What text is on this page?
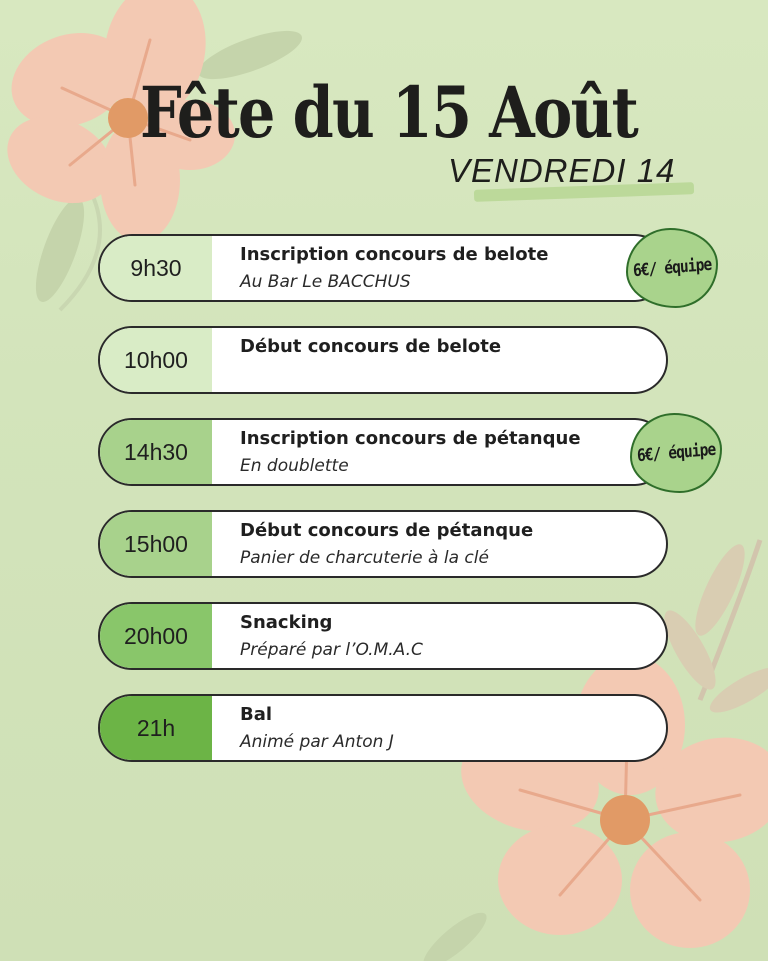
Fête du 15 Août

VENDREDI 14

9h30	Inscription concours de belote

Au Bar Le BACCHUS

6€/ équipe
10h00	Début concours de belote

14h30	Inscription concours de pétanque

En doublette	6€/ équipe
15h00	Début concours de pétanque

Panier de charcuterie à la clé

20h00	Snacking

Préparé par l’O.M.A.C

21h	Bal

Animé par Anton J
